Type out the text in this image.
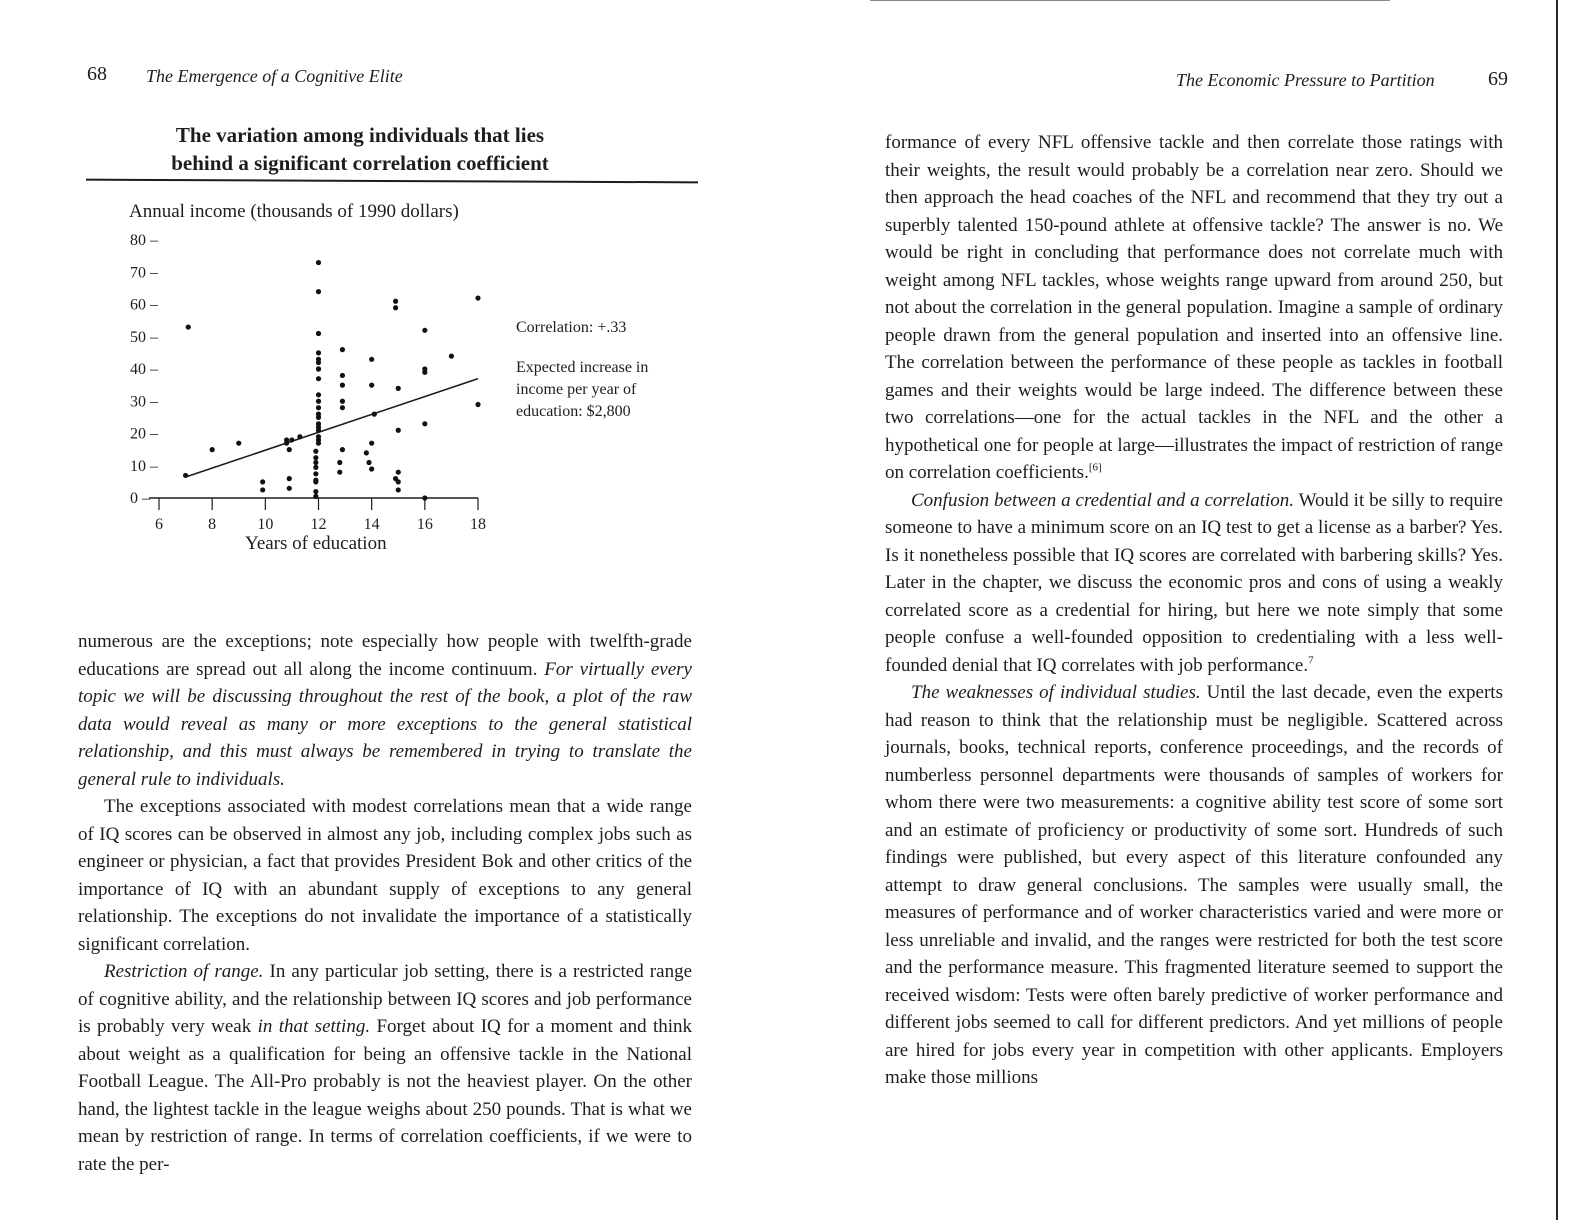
68 The Emergence of a Cognitive Elite
The variation among individuals that lies
behind a significant correlation coefficient
Annual income (thousands of 1990 dollars)
6	8	10 12 14 16 18
0 –
10 –
20 –
30 –
40 –
50 –
60 –
70 –
80 –
Years of education
Correlation: +.33
Expected increase in
income per year of
education: $2,800

numerous are the exceptions; note especially how people with twelfth-grade educations are spread out all along the income continuum. For virtually every topic we will be discussing throughout the rest of the book, a plot of the raw data would reveal as many or more exceptions to the general statistical relationship, and this must always be remembered in trying to translate the general rule to individuals.

The exceptions associated with modest correlations mean that a wide range of IQ scores can be observed in almost any job, including complex jobs such as engineer or physician, a fact that provides President Bok and other critics of the importance of IQ with an abundant supply of exceptions to any general relationship. The exceptions do not invalidate the importance of a statistically significant correlation.

Restriction of range. In any particular job setting, there is a restricted range of cognitive ability, and the relationship between IQ scores and job performance is probably very weak in that setting. Forget about IQ for a moment and think about weight as a qualification for being an offensive tackle in the National Football League. The All-Pro probably is not the heaviest player. On the other hand, the lightest tackle in the league weighs about 250 pounds. That is what we mean by restriction of range. In terms of correlation coefficients, if we were to rate the per-

The Economic Pressure to Partition	69

formance of every NFL offensive tackle and then correlate those ratings with their weights, the result would probably be a correlation near zero. Should we then approach the head coaches of the NFL and recommend that they try out a superbly talented 150-pound athlete at offensive tackle? The answer is no. We would be right in concluding that performance does not correlate much with weight among NFL tackles, whose weights range upward from around 250, but not about the correlation in the general population. Imagine a sample of ordinary people drawn from the general population and inserted into an offensive line. The correlation between the performance of these people as tackles in football games and their weights would be large indeed. The difference between these two correlations—one for the actual tackles in the NFL and the other a hypothetical one for people at large—illustrates the impact of restriction of range on correlation coefficients.[6]

Confusion between a credential and a correlation. Would it be silly to require someone to have a minimum score on an IQ test to get a license as a barber? Yes. Is it nonetheless possible that IQ scores are correlated with barbering skills? Yes. Later in the chapter, we discuss the economic pros and cons of using a weakly correlated score as a credential for hiring, but here we note simply that some people confuse a well-founded opposition to credentialing with a less well-founded denial that IQ correlates with job performance.$^7$

The weaknesses of individual studies. Until the last decade, even the experts had reason to think that the relationship must be negligible. Scattered across journals, books, technical reports, conference proceedings, and the records of numberless personnel departments were thousands of samples of workers for whom there were two measurements: a cognitive ability test score of some sort and an estimate of proficiency or productivity of some sort. Hundreds of such findings were published, but every aspect of this literature confounded any attempt to draw general conclusions. The samples were usually small, the measures of performance and of worker characteristics varied and were more or less unreliable and invalid, and the ranges were restricted for both the test score and the performance measure. This fragmented literature seemed to support the received wisdom: Tests were often barely predictive of worker performance and different jobs seemed to call for different predictors. And yet millions of people are hired for jobs every year in competition with other applicants. Employers make those millions
